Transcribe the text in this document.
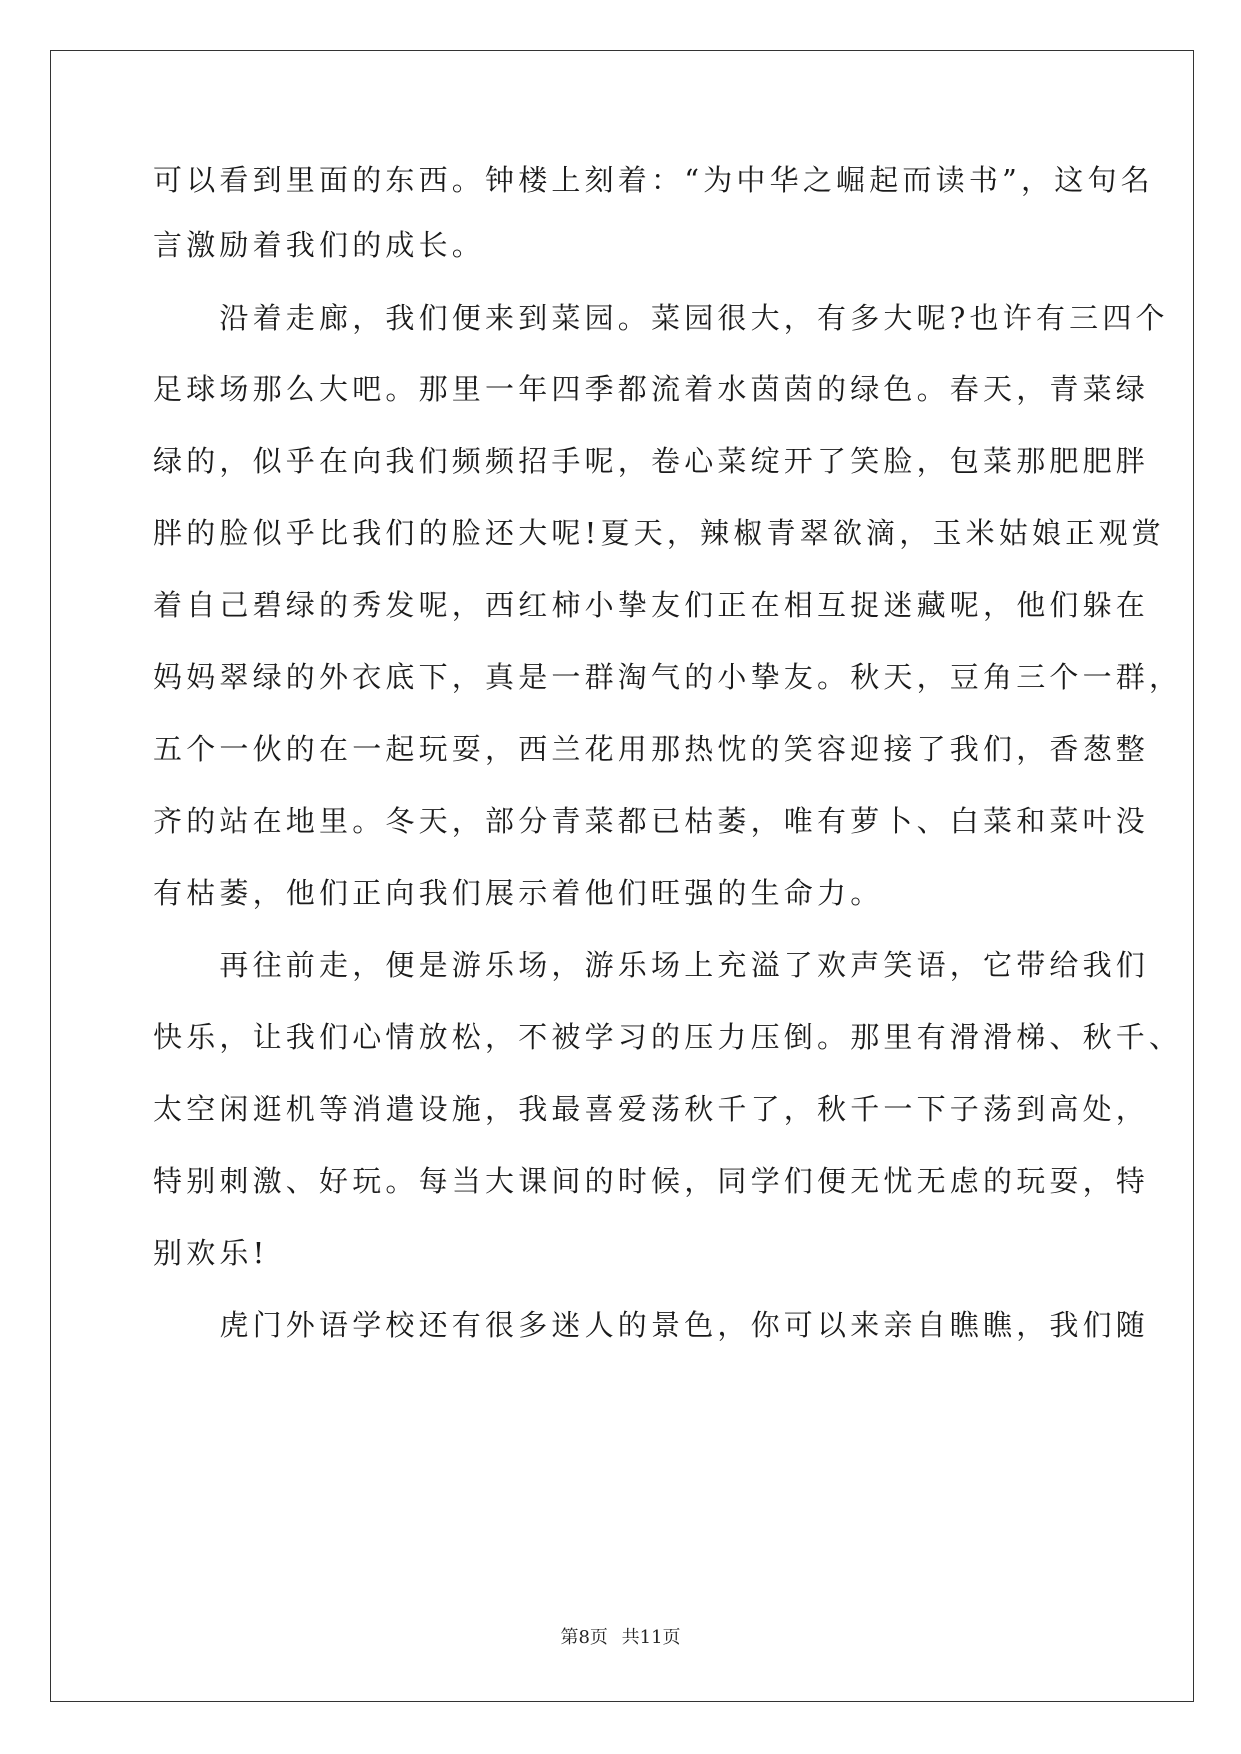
可以看到里面的东西。钟楼上刻着：“为中华之崛起而读书”，这句名
言激励着我们的成长。
　　沿着走廊，我们便来到菜园。菜园很大，有多大呢?也许有三四个
足球场那么大吧。那里一年四季都流着水茵茵的绿色。春天，青菜绿
绿的，似乎在向我们频频招手呢，卷心菜绽开了笑脸，包菜那肥肥胖
胖的脸似乎比我们的脸还大呢!夏天，辣椒青翠欲滴，玉米姑娘正观赏
着自己碧绿的秀发呢，西红柿小挚友们正在相互捉迷藏呢，他们躲在
妈妈翠绿的外衣底下，真是一群淘气的小挚友。秋天，豆角三个一群，
五个一伙的在一起玩耍，西兰花用那热忱的笑容迎接了我们，香葱整
齐的站在地里。冬天，部分青菜都已枯萎，唯有萝卜、白菜和菜叶没
有枯萎，他们正向我们展示着他们旺强的生命力。
　　再往前走，便是游乐场，游乐场上充溢了欢声笑语，它带给我们
快乐，让我们心情放松，不被学习的压力压倒。那里有滑滑梯、秋千、
太空闲逛机等消遣设施，我最喜爱荡秋千了，秋千一下子荡到高处，
特别刺激、好玩。每当大课间的时候，同学们便无忧无虑的玩耍，特
别欢乐!
　　虎门外语学校还有很多迷人的景色，你可以来亲自瞧瞧，我们随
第8页 共11页
